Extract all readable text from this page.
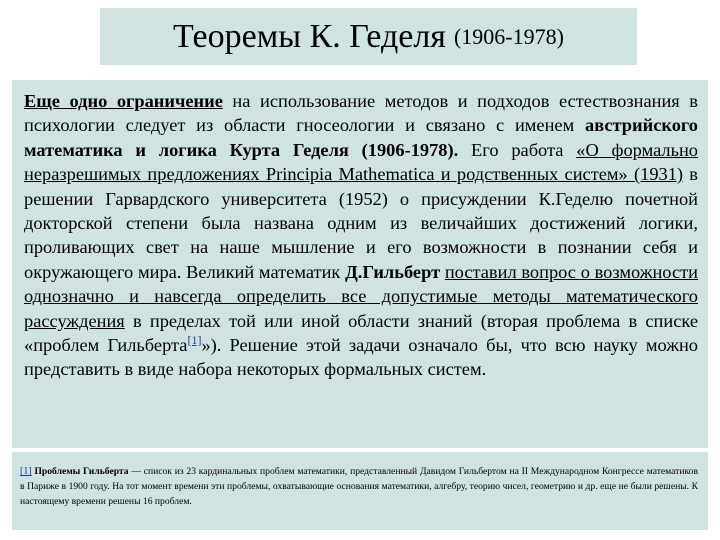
Теоремы К. Геделя (1906-1978)

Еще одно ограничение на использование методов и подходов естествознания в психологии следует из области гносеологии и связано с именем австрийского математика и логика Курта Геделя (1906-1978). Его работа «О формально неразрешимых предложениях Principia Mathematica и родственных систем» (1931) в решении Гарвардского университета (1952) о присуждении К.Геделю почетной докторской степени была названа одним из величайших достижений логики, проливающих свет на наше мышление и его возможности в познании себя и окружающего мира. Великий математик Д.Гильберт поставил вопрос о возможности однозначно и навсегда определить все допустимые методы математического рассуждения в пределах той или иной области знаний (вторая проблема в списке «проблем Гильберта[1]»). Решение этой задачи означало бы, что всю науку можно представить в виде набора некоторых формальных систем.

[1] Проблемы Гильберта — список из 23 кардинальных проблем математики, представленный Давидом Гильбертом на II Международном Конгрессе математиков в Париже в 1900 году. На тот момент времени эти проблемы, охватывающие основания математики, алгебру, теорию чисел, геометрию и др. еще не были решены. К настоящему времени решены 16 проблем.
